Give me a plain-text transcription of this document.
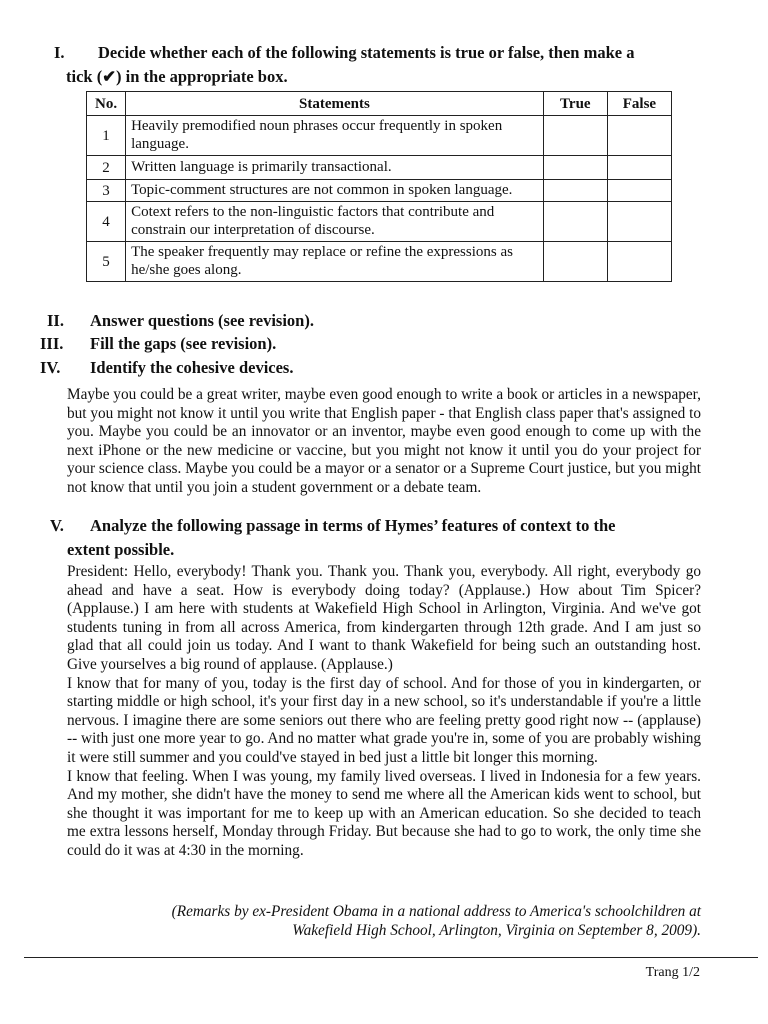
I. Decide whether each of the following statements is true or false, then make a
tick (✔) in the appropriate box.
No.	Statements	True	False
1	Heavily premodified noun phrases occur frequently in spoken language.		
2	Written language is primarily transactional.		
3	Topic-comment structures are not common in spoken language.		
4	Cotext refers to the non-linguistic factors that contribute and constrain our interpretation of discourse.		
5	The speaker frequently may replace or refine the expressions as he/she goes along.		
II. Answer questions (see revision).
III. Fill the gaps (see revision).
IV. Identify the cohesive devices.
Maybe you could be a great writer, maybe even good enough to write a book or articles in a newspaper, but you might not know it until you write that English paper - that English class paper that's assigned to you. Maybe you could be an innovator or an inventor, maybe even good enough to come up with the next iPhone or the new medicine or vaccine, but you might not know it until you do your project for your science class. Maybe you could be a mayor or a senator or a Supreme Court justice, but you might not know that until you join a student government or a debate team.
V. Analyze the following passage in terms of Hymes’ features of context to the
extent possible.

President: Hello, everybody! Thank you. Thank you. Thank you, everybody. All right, everybody go ahead and have a seat. How is everybody doing today? (Applause.) How about Tim Spicer? (Applause.) I am here with students at Wakefield High School in Arlington, Virginia. And we've got students tuning in from all across America, from kindergarten through 12th grade. And I am just so glad that all could join us today. And I want to thank Wakefield for being such an outstanding host. Give yourselves a big round of applause. (Applause.)

I know that for many of you, today is the first day of school. And for those of you in kindergarten, or starting middle or high school, it's your first day in a new school, so it's understandable if you're a little nervous. I imagine there are some seniors out there who are feeling pretty good right now -- (applause) -- with just one more year to go. And no matter what grade you're in, some of you are probably wishing it were still summer and you could've stayed in bed just a little bit longer this morning.

I know that feeling. When I was young, my family lived overseas. I lived in Indonesia for a few years. And my mother, she didn't have the money to send me where all the American kids went to school, but she thought it was important for me to keep up with an American education. So she decided to teach me extra lessons herself, Monday through Friday. But because she had to go to work, the only time she could do it was at 4:30 in the morning.

(Remarks by ex-President Obama in a national address to America's schoolchildren at
Wakefield High School, Arlington, Virginia on September 8, 2009).
Trang 1/2
